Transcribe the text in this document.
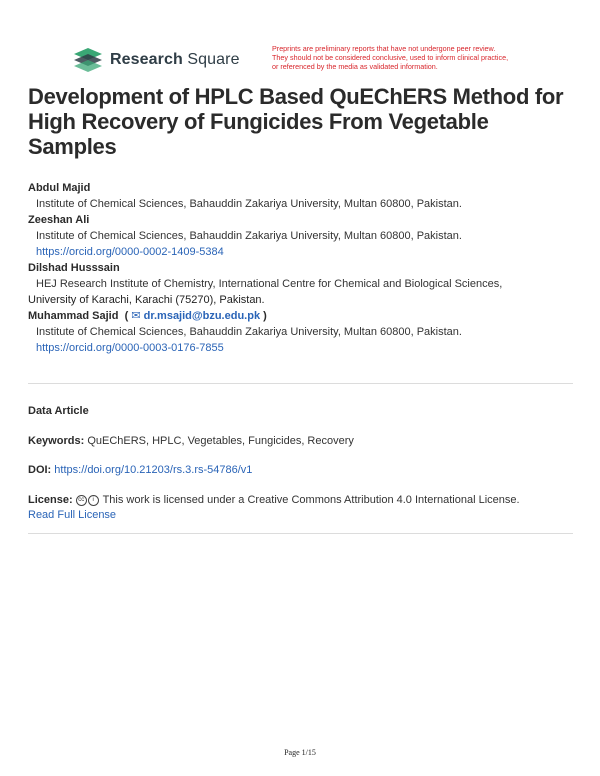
Research Square
Preprints are preliminary reports that have not undergone peer review.
They should not be considered conclusive, used to inform clinical practice,
or referenced by the media as validated information.
Development of HPLC Based QuEChERS Method for High Recovery of Fungicides From Vegetable Samples
Abdul Majid
Institute of Chemical Sciences, Bahauddin Zakariya University, Multan 60800, Pakistan.
Zeeshan Ali
Institute of Chemical Sciences, Bahauddin Zakariya University, Multan 60800, Pakistan.
https://orcid.org/0000-0002-1409-5384
Dilshad Husssain
HEJ Research Institute of Chemistry, International Centre for Chemical and Biological Sciences,
University of Karachi, Karachi (75270), Pakistan.
Muhammad Sajid  ( ✉ dr.msajid@bzu.edu.pk )
Institute of Chemical Sciences, Bahauddin Zakariya University, Multan 60800, Pakistan.
https://orcid.org/0000-0003-0176-7855
Data Article
Keywords: QuEChERS, HPLC, Vegetables, Fungicides, Recovery
DOI: https://doi.org/10.21203/rs.3.rs-54786/v1
License: cc i This work is licensed under a Creative Commons Attribution 4.0 International License.
Read Full License
Page 1/15
